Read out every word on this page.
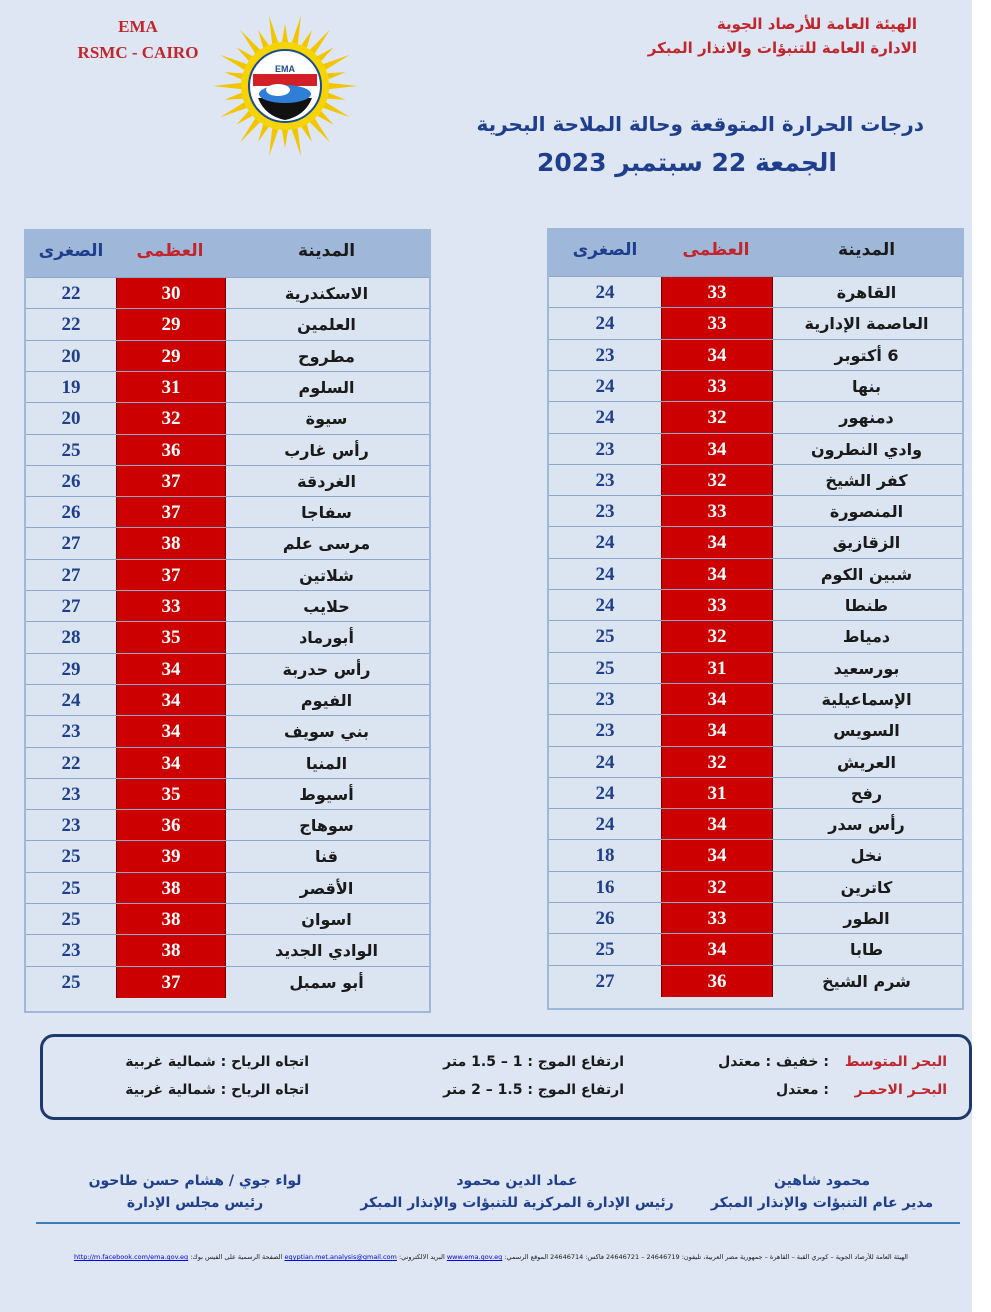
الهيئة العامة للأرصاد الجوية
الادارة العامة للتنبؤات والانذار المبكر
EMA
RSMC - CAIRO
EMA
درجات الحرارة المتوقعة وحالة الملاحة البحرية
الجمعة 22 سبتمبر 2023
المدينة
العظمى
الصغرى
القاهرة
33
24
العاصمة الإدارية
33
24
6 أكتوبر
34
23
بنها
33
24
دمنهور
32
24
وادي النطرون
34
23
كفر الشيخ
32
23
المنصورة
33
23
الزقازيق
34
24
شبين الكوم
34
24
طنطا
33
24
دمياط
32
25
بورسعيد
31
25
الإسماعيلية
34
23
السويس
34
23
العريش
32
24
رفح
31
24
رأس سدر
34
24
نخل
34
18
كاترين
32
16
الطور
33
26
طابا
34
25
شرم الشيخ
36
27
المدينة
العظمى
الصغرى
الاسكندرية
30
22
العلمين
29
22
مطروح
29
20
السلوم
31
19
سيوة
32
20
رأس غارب
36
25
الغردقة
37
26
سفاجا
37
26
مرسى علم
38
27
شلاتين
37
27
حلايب
33
27
أبورماد
35
28
رأس حدربة
34
29
الفيوم
34
24
بني سويف
34
23
المنيا
34
22
أسيوط
35
23
سوهاج
36
23
قنا
39
25
الأقصر
38
25
اسوان
38
25
الوادي الجديد
38
23
أبو سمبل
37
25
البحر المتوسط
: خفيف : معتدل
ارتفاع الموج : 1 – 1.5 متر
اتجاه الرياح : شمالية غربية
البحـر الاحمـر
: معتدل
ارتفاع الموج : 1.5 – 2 متر
اتجاه الرياح : شمالية غربية
محمود شاهين
مدير عام التنبؤات والإنذار المبكر
عماد الدين محمود
رئيس الإدارة المركزية للتنبؤات والإنذار المبكر
لواء جوي / هشام حسن طاحون
رئيس مجلس الإدارة
الهيئة العامة للأرصاد الجوية – كوبري القبة – القاهرة – جمهورية مصر العربية، تليفون: 24646719 – 24646721 فاكس: 24646714 الموقع الرسمي: www.ema.gov.eg البريد الالكتروني: egyptian.met.analysis@gmail.com الصفحة الرسمية على الفيس بوك: http://m.facebook.com/ema.gov.eg
